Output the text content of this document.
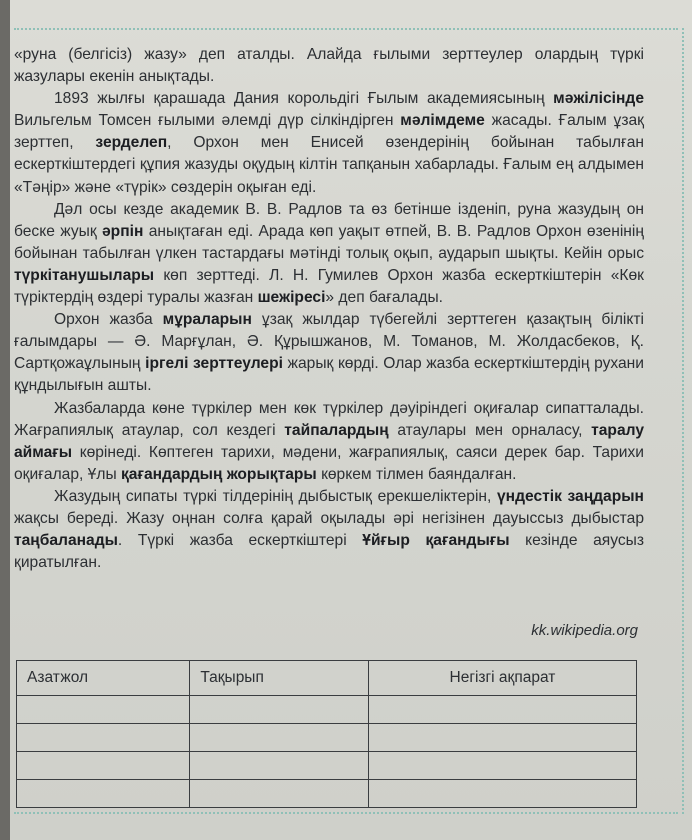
«руна (белгісіз) жазу» деп аталды. Алайда ғылыми зерттеулер олардың түркі жазулары екенін анықтады.

1893 жылғы қарашада Дания корольдігі Ғылым академиясының мәжілісінде Вильгельм Томсен ғылыми әлемді дүр сілкіндірген мәлімдеме жасады. Ғалым ұзақ зерттеп, зерделеп, Орхон мен Енисей өзендерінің бойынан табылған ескерткіштердегі құпия жазуды оқудың кілтін тапқанын хабарлады. Ғалым ең алдымен «Тәңір» және «түрік» сөздерін оқыған еді.

Дәл осы кезде академик В. В. Радлов та өз бетінше ізденіп, руна жазудың он беске жуық әрпін анықтаған еді. Арада көп уақыт өтпей, В. В. Радлов Орхон өзенінің бойынан табылған үлкен тастардағы мәтінді толық оқып, аударып шықты. Кейін орыс түркітанушылары көп зерттеді. Л. Н. Гумилев Орхон жазба ескерткіштерін «Көк түріктердің өздері туралы жазған шежіресі» деп бағалады.

Орхон жазба мұраларын ұзақ жылдар түбегейлі зерттеген қазақтың білікті ғалымдары — Ә. Марғұлан, Ә. Құрышжанов, М. Томанов, М. Жолдасбеков, Қ. Сартқожаұлының іргелі зерттеулері жарық көрді. Олар жазба ескерткіштердің рухани құндылығын ашты.

Жазбаларда көне түркілер мен көк түркілер дәуіріндегі оқиғалар сипатталады. Жағрапиялық атаулар, сол кездегі тайпалардың атаулары мен орналасу, таралу аймағы көрінеді. Көптеген тарихи, мәдени, жағрапиялық, саяси дерек бар. Тарихи оқиғалар, Ұлы қағандардың жорықтары көркем тілмен баяндалған.

Жазудың сипаты түркі тілдерінің дыбыстық ерекшеліктерін, үндестік заңдарын жақсы береді. Жазу оңнан солға қарай оқылады әрі негізінен дауыссыз дыбыстар таңбаланады. Түркі жазба ескерткіштері Ұйғыр қағандығы кезінде аяусыз қиратылған.

kk.wikipedia.org
Азатжол	Тақырып	Негізгі ақпарат
